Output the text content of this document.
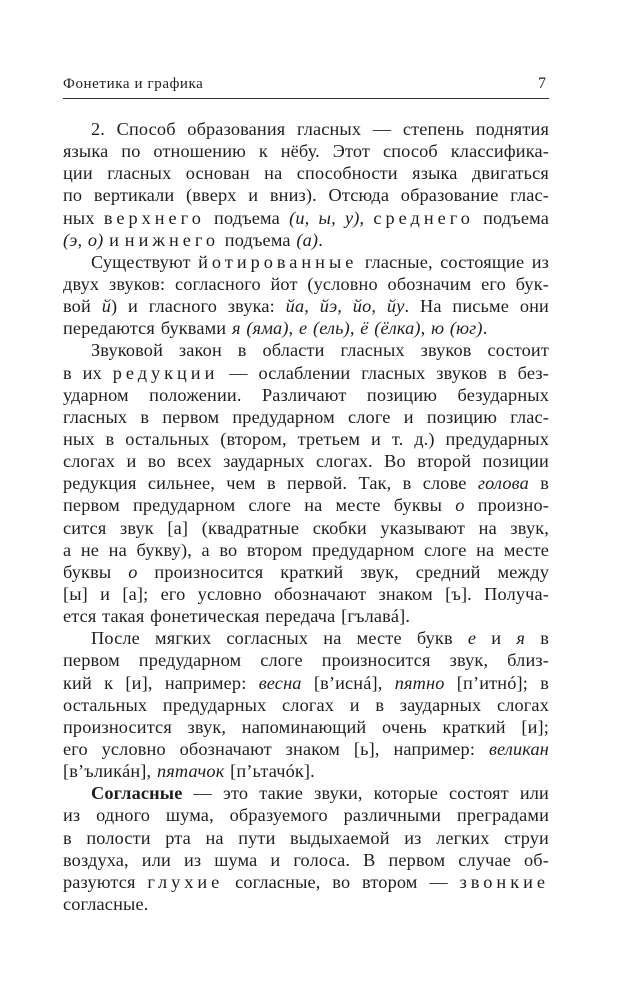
Фонетика и графика	7
2. Способ образования гласных — степень поднятия
языка по отношению к нёбу. Этот способ классифика-
ции гласных основан на способности языка двигаться
по вертикали (вверх и вниз). Отсюда образование глас-
ных верхнего подъема (и, ы, у), среднего подъема
(э, о) и нижнего подъема (а).
Существуют йотированные гласные, состоящие из
двух звуков: согласного йот (условно обозначим его бук-
вой й) и гласного звука: йа, йэ, йо, йу. На письме они
передаются буквами я (яма), е (ель), ё (ёлка), ю (юг).
Звуковой закон в области гласных звуков состоит
в их редукции — ослаблении гласных звуков в без-
ударном положении. Различают позицию безударных
гласных в первом предударном слоге и позицию глас-
ных в остальных (втором, третьем и т. д.) предударных
слогах и во всех заударных слогах. Во второй позиции
редукция сильнее, чем в первой. Так, в слове голова в
первом предударном слоге на месте буквы о произно-
сится звук [а] (квадратные скобки указывают на звук,
а не на букву), а во втором предударном слоге на месте
буквы о произносится краткий звук, средний между
[ы] и [а]; его условно обозначают знаком [ъ]. Получа-
ется такая фонетическая передача [гълавá].
После мягких согласных на месте букв е и я в
первом предударном слоге произносится звук, близ-
кий к [и], например: весна [в’иснá], пятно [п’итнó]; в
остальных предударных слогах и в заударных слогах
произносится звук, напоминающий очень краткий [и];
его условно обозначают знаком [ь], например: великан
[в’ъликáн], пятачок [п’ьтачóк].
Согласные — это такие звуки, которые состоят или
из одного шума, образуемого различными преградами
в полости рта на пути выдыхаемой из легких струи
воздуха, или из шума и голоса. В первом случае об-
разуются глухие согласные, во втором — звонкие
согласные.
